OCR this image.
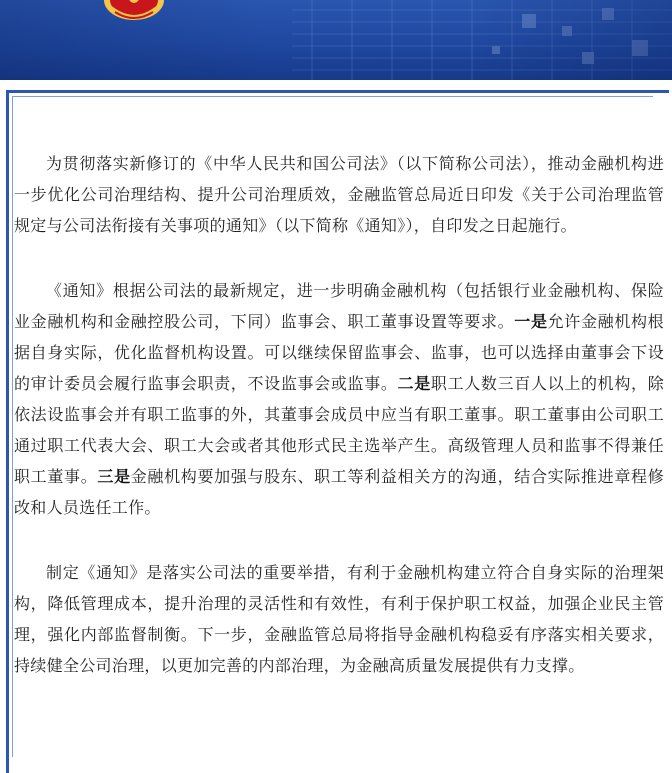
为贯彻落实新修订的《中华人民共和国公司法》（以下简称公司法），推动金融机构进一步优化公司治理结构、提升公司治理质效，金融监管总局近日印发《关于公司治理监管规定与公司法衔接有关事项的通知》（以下简称《通知》），自印发之日起施行。

《通知》根据公司法的最新规定，进一步明确金融机构（包括银行业金融机构、保险业金融机构和金融控股公司，下同）监事会、职工董事设置等要求。一是允许金融机构根据自身实际，优化监督机构设置。可以继续保留监事会、监事，也可以选择由董事会下设的审计委员会履行监事会职责，不设监事会或监事。二是职工人数三百人以上的机构，除依法设监事会并有职工监事的外，其董事会成员中应当有职工董事。职工董事由公司职工通过职工代表大会、职工大会或者其他形式民主选举产生。高级管理人员和监事不得兼任职工董事。三是金融机构要加强与股东、职工等利益相关方的沟通，结合实际推进章程修改和人员选任工作。

制定《通知》是落实公司法的重要举措，有利于金融机构建立符合自身实际的治理架构，降低管理成本，提升治理的灵活性和有效性，有利于保护职工权益，加强企业民主管理，强化内部监督制衡。下一步，金融监管总局将指导金融机构稳妥有序落实相关要求，持续健全公司治理，以更加完善的内部治理，为金融高质量发展提供有力支撑。
